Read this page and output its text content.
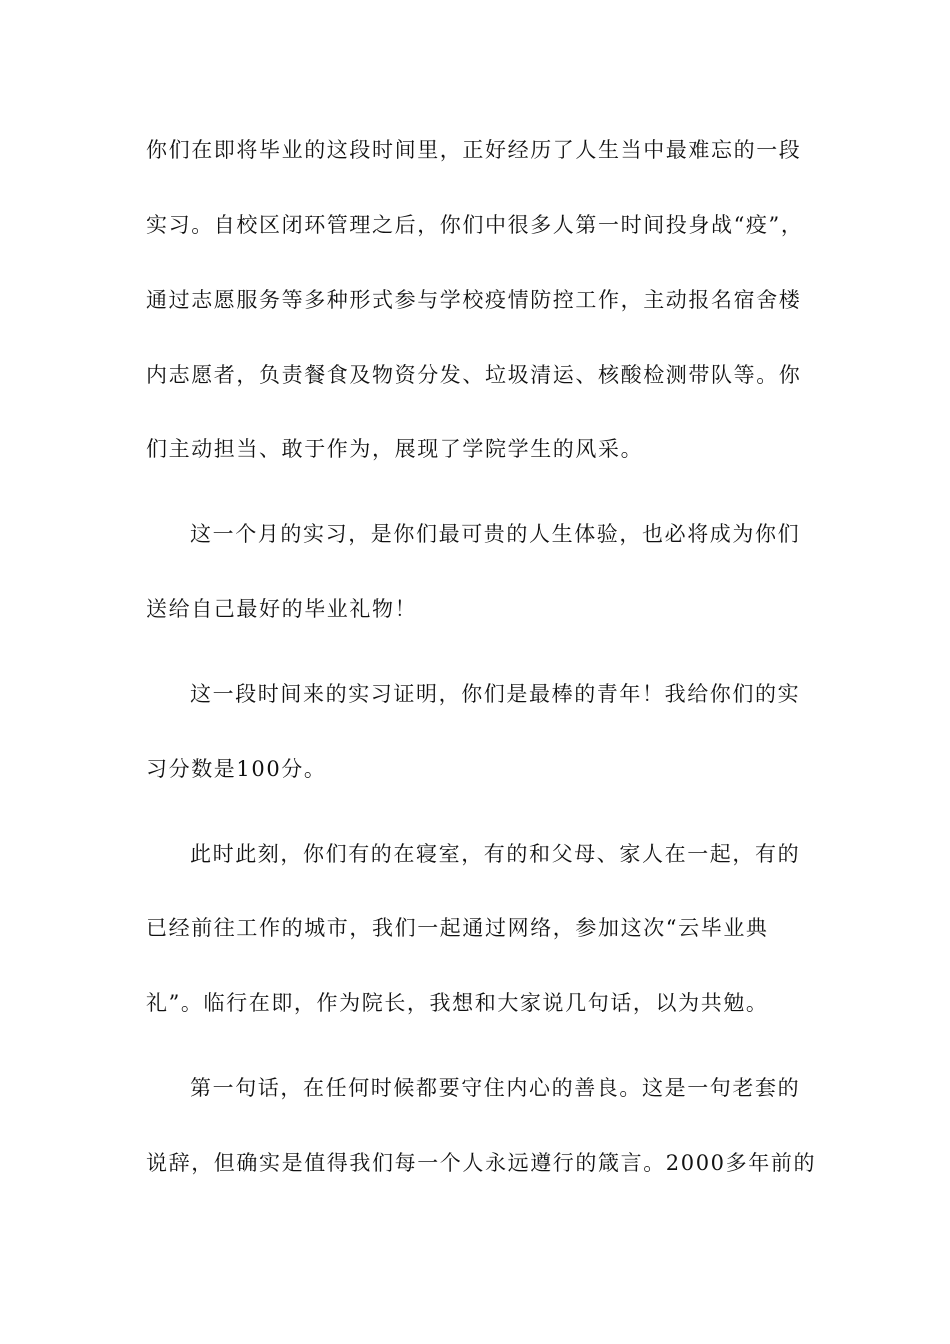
你们在即将毕业的这段时间里，正好经历了人生当中最难忘的一段
实习。自校区闭环管理之后，你们中很多人第一时间投身战“疫”，
通过志愿服务等多种形式参与学校疫情防控工作，主动报名宿舍楼
内志愿者，负责餐食及物资分发、垃圾清运、核酸检测带队等。你
们主动担当、敢于作为，展现了学院学生的风采。
这一个月的实习，是你们最可贵的人生体验，也必将成为你们
送给自己最好的毕业礼物！
这一段时间来的实习证明，你们是最棒的青年！我给你们的实
习分数是100分。
此时此刻，你们有的在寝室，有的和父母、家人在一起，有的
已经前往工作的城市，我们一起通过网络，参加这次“云毕业典
礼”。临行在即，作为院长，我想和大家说几句话，以为共勉。
第一句话，在任何时候都要守住内心的善良。这是一句老套的
说辞，但确实是值得我们每一个人永远遵行的箴言。2000多年前的
